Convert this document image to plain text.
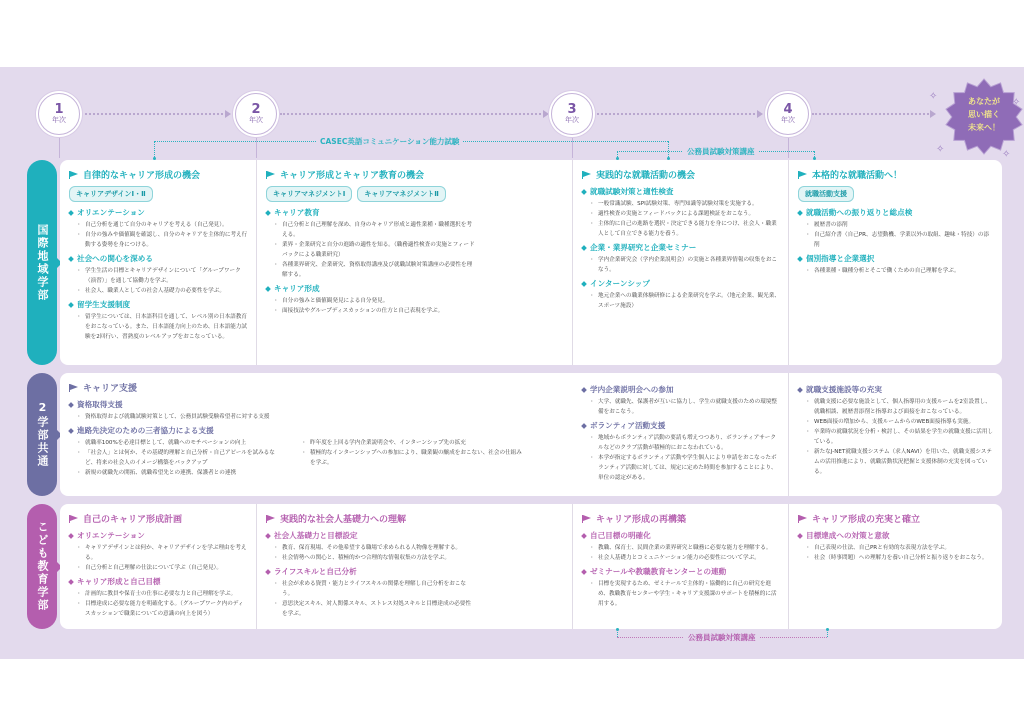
1
年次
2
年次
3
年次
4
年次
あなたが
思い描く
未来へ！
✧
✧
✧	✧
CASEC英語コミュニケーション能力試験
公務員試験対策講座
国際地域学部
自律的なキャリア形成の機会
キャリアデザインⅠ・Ⅱ
オリエンテーション
・ 自己分析を通じて自分のキャリアを考える（自己発見）。
・ 自分の強みや価値観を確認し、自分のキャリアを主体的に考え行動する姿勢を身につける。
社会への関心を深める
・ 学生生活の目標とキャリアデザインについて「グループワーク（演習）」を通して協働力を学ぶ。
・ 社会人、職業人としての社会人基礎力の必要性を学ぶ。
留学生支援制度
・ 留学生については、日本語科目を通して、レベル別の日本語教育をおこなっている。また、日本語能力向上のため、日本語能力試験を2回行い、習熟度のレベルアップをおこなっている。
キャリア形成とキャリア教育の機会
キャリアマネジメントⅠ	キャリアマネジメントⅡ
キャリア教育
・ 自己分析と自己理解を深め、自身のキャリア形成と適性業種・職種選択を考える。
・ 業界・企業研究と自分の進路の適性を知る。（職務適性検査の実施とフィードバックによる職業研究）
・ 各種業界研究、企業研究、資格取得講座及び就職試験対策講座の必要性を理解する。
キャリア形成
・ 自分の強みと価値観発見による自分発見。
・ 面接技法やグループディスカッションの仕方と自己表現を学ぶ。
実践的な就職活動の機会
就職試験対策と適性検査
・ 一般常識試験、SPI試験対策、専門知識等試験対策を実施する。
・ 適性検査の実施とフィードバックによる課題検証をおこなう。
・ 主体的に自己の進路を選択・決定できる能力を身につけ、社会人・職業人として自立できる能力を養う。
企業・業界研究と企業セミナー
・ 学内企業研究会（学内企業説明会）の実施と各種業界情報の収集をおこなう。
インターンシップ
・ 地元企業への職業体験研修による企業研究を学ぶ。（地元企業、観光業、スポーツ施設）
本格的な就職活動へ！
就職活動支援
就職活動への振り返りと総点検
・ 履歴書の添削
・ 自己紹介書（自己PR、志望動機、学業以外の取組、趣味・特技）の添削
個別指導と企業選択
・ 各種業種・職種分析とそこで働くための自己理解を学ぶ。
2学部共通
キャリア支援
資格取得支援
・ 資格取得および就職試験対策として、公務員試験受験希望者に対する支援
進路先決定のための三者協力による支援
・ 就職率100%を必達目標として、就職へのモチベーションの向上
・ 「社会人」とは何か、その基礎的理解と自己分析・自己アピールを試みるなど、将来の社会人のイメージ構築をバックアップ
・ 新規の就職先の開拓、就職希望先との連携、保護者との連携
・ 昨年度を上回る学内企業説明会や、インターンシップ先の拡充
・ 積極的なインターンシップへの参加により、職業観の醸成をおこない、社会の仕組みを学ぶ。
学内企業説明会への参加
・ 大学、就職先、保護者が互いに協力し、学生の就職支援のための環境整備をおこなう。
ボランティア活動支援
・ 地域からボランティア活動の要請も増えつつあり、ボランティアサークルなどのクラブ活動が積極的におこなわれている。
・ 本学が指定するボランティア活動や学生個人により申請をおこなったボランティア活動に対しては、規定に定めた時間を参加することにより、単位の認定がある。
就職支援施設等の充実
・ 就職支援に必要な施設として、個人指導用の支援ルームを2室設置し、就職相談、履歴書添削と指導および面接をおこなっている。
・ WEB面接の増加から、支援ルームからのWEB面接指導も実施。
・ 卒業時の就職状況を分析・検討し、その結果を学生の就職支援に活用している。
・ 新たなJ-NET就職支援システム（求人NAVI）を用いた、就職支援システムの活用推進により、就職活動状況把握と支援体制の充実を図っている。
こども教育学部
自己のキャリア形成計画
オリエンテーション
・ キャリアデザインとは何か、キャリアデザインを学ぶ理由を考える。
・ 自己分析と自己理解の仕法について学ぶ（自己発見）。
キャリア形成と自己目標
・ 計画的に教員や保育士の仕事に必要な力と自己理解を学ぶ。
・ 目標達成に必要な能力を明確化する。（グループワーク内のディスカッションで職業についての意識の向上を図う）
実践的な社会人基礎力への理解
社会人基礎力と目標設定
・ 教育、保育現場、その他希望する職場で求められる人物像を理解する。
・ 社会情勢への関心と、積極的かつ合理的な情報収集の方法を学ぶ。
ライフスキルと自己分析
・ 社会が求める資質・能力とライフスキルの関係を理解し自己分析をおこなう。
・ 意思決定スキル、対人関係スキル、ストレス対処スキルと目標達成の必要性を学ぶ。
キャリア形成の再構築
自己目標の明確化
・ 教職、保育士、民間企業の業界研究と職務に必要な能力を理解する。
・ 社会人基礎力とコミュニケーション能力の必要性について学ぶ。
ゼミナールや教職教育センターとの連動
・ 目標を実現するため、ゼミナールで主体的・協働的に自己の研究を進め、教職教育センターや学生・キャリア支援課のサポートを積極的に活用する。
キャリア形成の充実と確立
目標達成への対策と意欲
・ 自己表現の仕法、自己PRと有効的な表現方法を学ぶ。
・ 社会（時事問題）への理解力を養い自己分析と振り返りをおこなう。
公務員試験対策講座
